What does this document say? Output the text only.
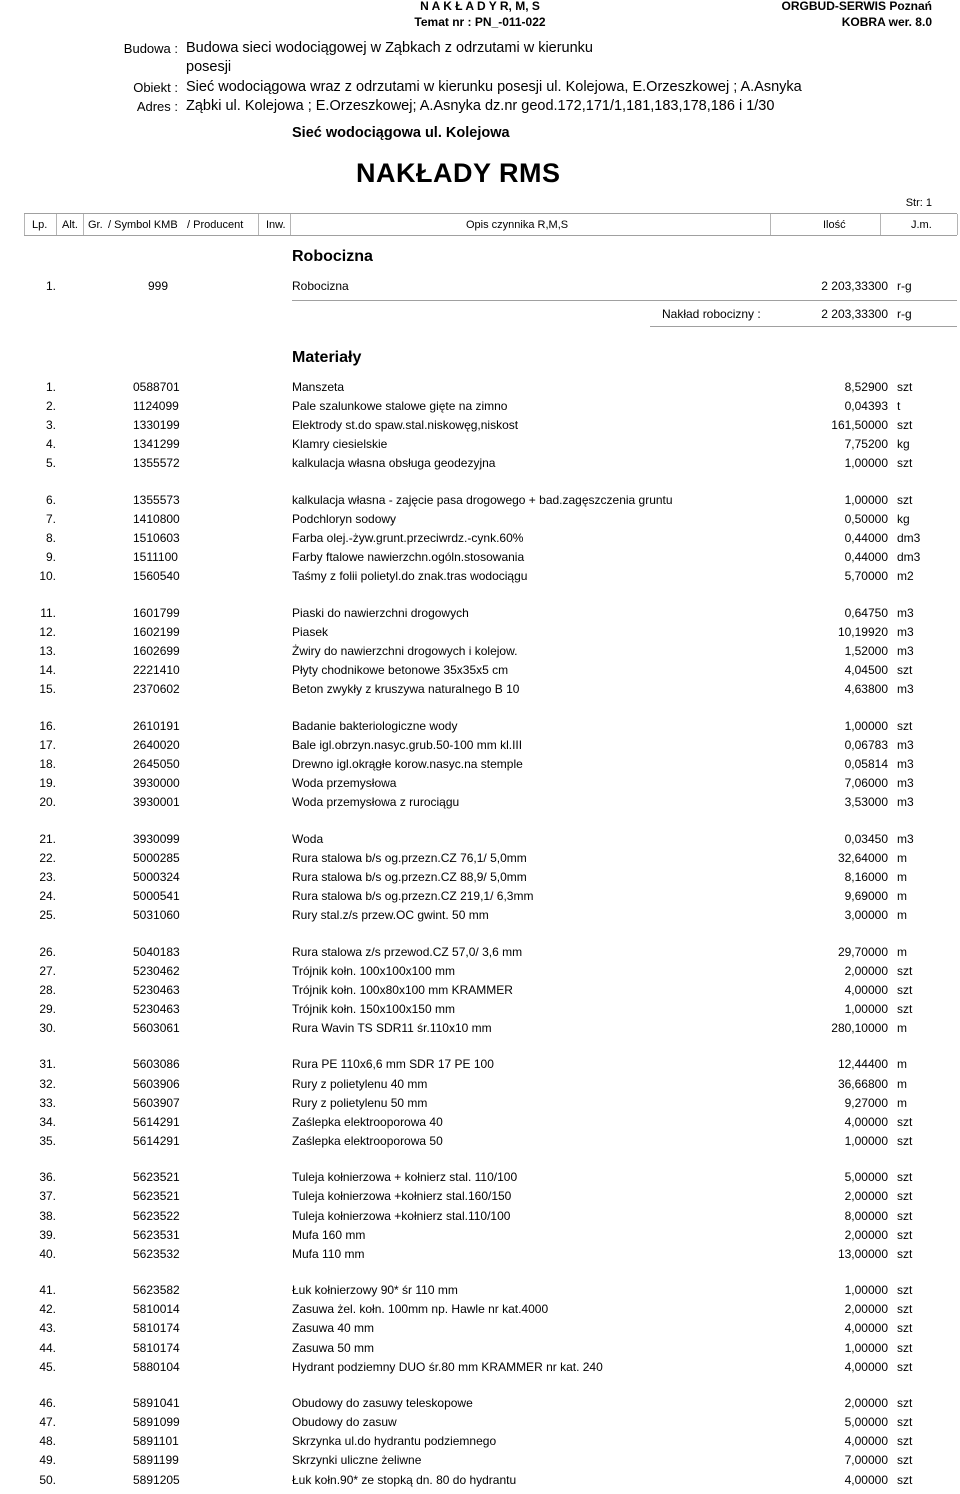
N A K Ł A D Y R, M, S
Temat nr : PN_-011-022
ORGBUD-SERWIS Poznań
KOBRA wer. 8.0
Budowa : Budowa sieci wodociągowej w Ząbkach z odrzutami w kierunku
posesji
Obiekt : Sieć wodociągowa wraz z odrzutami w kierunku posesji ul. Kolejowa, E.Orzeszkowej ; A.Asnyka
Adres : Ząbki ul. Kolejowa ; E.Orzeszkowej; A.Asnyka dz.nr geod.172,171/1,181,183,178,186 i 1/30
Sieć wodociągowa ul. Kolejowa
NAKŁADY RMS
Str: 1
Lp. Alt. Gr. / Symbol KMB / Producent Inw.	Opis czynnika R,M,S	Ilość	J.m.
Robocizna
1.	999	Robocizna	2 203,33300 r-g
Nakład robocizny :	2 203,33300 r-g
Materiały
1.	0588701	Manszeta	8,52900 szt
2.	1124099	Pale szalunkowe stalowe gięte na zimno	0,04393 t
3.	1330199	Elektrody st.do spaw.stal.niskowęg,niskost	161,50000 szt
4.	1341299	Klamry ciesielskie	7,75200 kg
5.	1355572	kalkulacja własna obsługa geodezyjna	1,00000 szt
6.	1355573	kalkulacja własna - zajęcie pasa drogowego + bad.zagęszczenia gruntu	1,00000 szt
7.	1410800	Podchloryn sodowy	0,50000 kg
8.	1510603	Farba olej.-żyw.grunt.przeciwrdz.-cynk.60%	0,44000 dm3
9.	1511100	Farby ftalowe nawierzchn.ogóln.stosowania	0,44000 dm3
10.	1560540	Taśmy z folii polietyl.do znak.tras wodociągu	5,70000 m2
11.	1601799	Piaski do nawierzchni drogowych	0,64750 m3
12.	1602199	Piasek	10,19920 m3
13.	1602699	Żwiry do nawierzchni drogowych i kolejow.	1,52000 m3
14.	2221410	Płyty chodnikowe betonowe 35x35x5 cm	4,04500 szt
15.	2370602	Beton zwykły z kruszywa naturalnego B 10	4,63800 m3
16.	2610191	Badanie bakteriologiczne wody	1,00000 szt
17.	2640020	Bale igl.obrzyn.nasyc.grub.50-100 mm kl.III	0,06783 m3
18.	2645050	Drewno igl.okrągłe korow.nasyc.na stemple	0,05814 m3
19.	3930000	Woda przemysłowa	7,06000 m3
20.	3930001	Woda przemysłowa z rurociągu	3,53000 m3
21.	3930099	Woda	0,03450 m3
22.	5000285	Rura stalowa b/s og.przezn.CZ 76,1/ 5,0mm	32,64000 m
23.	5000324	Rura stalowa b/s og.przezn.CZ 88,9/ 5,0mm	8,16000 m
24.	5000541	Rura stalowa b/s og.przezn.CZ 219,1/ 6,3mm	9,69000 m
25.	5031060	Rury stal.z/s przew.OC gwint. 50 mm	3,00000 m
26.	5040183	Rura stalowa z/s przewod.CZ 57,0/ 3,6 mm	29,70000 m
27.	5230462	Trójnik kołn. 100x100x100 mm	2,00000 szt
28.	5230463	Trójnik kołn. 100x80x100 mm KRAMMER	4,00000 szt
29.	5230463	Trójnik kołn. 150x100x150 mm	1,00000 szt
30.	5603061	Rura Wavin TS SDR11 śr.110x10 mm	280,10000 m
31.	5603086	Rura PE 110x6,6 mm SDR 17 PE 100	12,44400 m
32.	5603906	Rury z polietylenu 40 mm	36,66800 m
33.	5603907	Rury z polietylenu 50 mm	9,27000 m
34.	5614291	Zaślepka elektrooporowa 40	4,00000 szt
35.	5614291	Zaślepka elektrooporowa 50	1,00000 szt
36.	5623521	Tuleja kołnierzowa + kołnierz stal. 110/100	5,00000 szt
37.	5623521	Tuleja kołnierzowa +kołnierz stal.160/150	2,00000 szt
38.	5623522	Tuleja kołnierzowa +kołnierz stal.110/100	8,00000 szt
39.	5623531	Mufa 160 mm	2,00000 szt
40.	5623532	Mufa 110 mm	13,00000 szt
41.	5623582	Łuk kołnierzowy 90* śr 110 mm	1,00000 szt
42.	5810014	Zasuwa żel. kołn. 100mm np. Hawle nr kat.4000	2,00000 szt
43.	5810174	Zasuwa 40 mm	4,00000 szt
44.	5810174	Zasuwa 50 mm	1,00000 szt
45.	5880104	Hydrant podziemny DUO śr.80 mm KRAMMER nr kat. 240	4,00000 szt
46.	5891041	Obudowy do zasuwy teleskopowe	2,00000 szt
47.	5891099	Obudowy do zasuw	5,00000 szt
48.	5891101	Skrzynka ul.do hydrantu podziemnego	4,00000 szt
49.	5891199	Skrzynki uliczne żeliwne	7,00000 szt
50.	5891205	Łuk kołn.90* ze stopką dn. 80 do hydrantu	4,00000 szt
